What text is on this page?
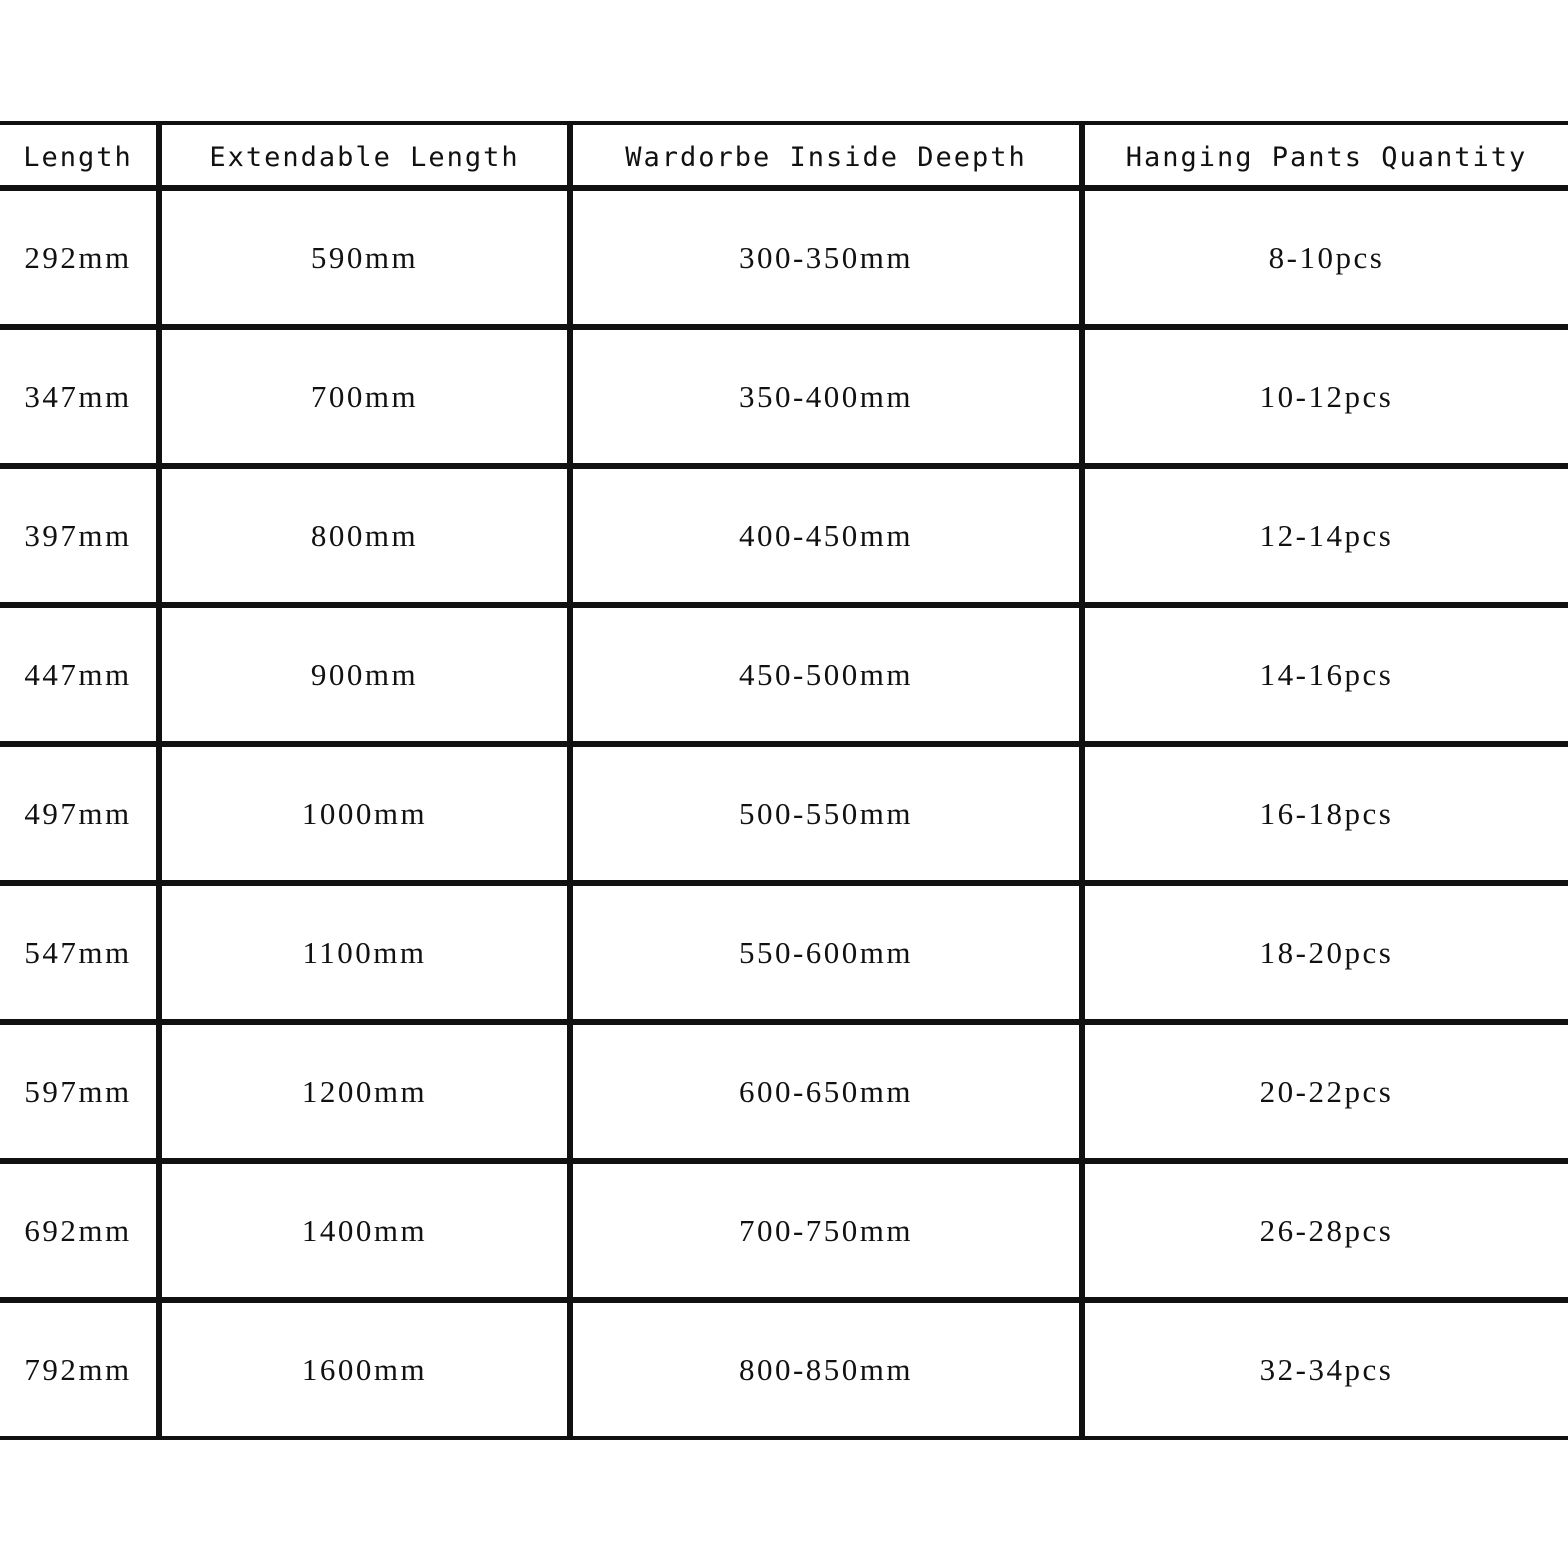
Length	Extendable Length	Wardorbe Inside Deepth	Hanging Pants Quantity
292mm	590mm	300-350mm	8-10pcs
347mm	700mm	350-400mm	10-12pcs
397mm	800mm	400-450mm	12-14pcs
447mm	900mm	450-500mm	14-16pcs
497mm	1000mm	500-550mm	16-18pcs
547mm	1100mm	550-600mm	18-20pcs
597mm	1200mm	600-650mm	20-22pcs
692mm	1400mm	700-750mm	26-28pcs
792mm	1600mm	800-850mm	32-34pcs
